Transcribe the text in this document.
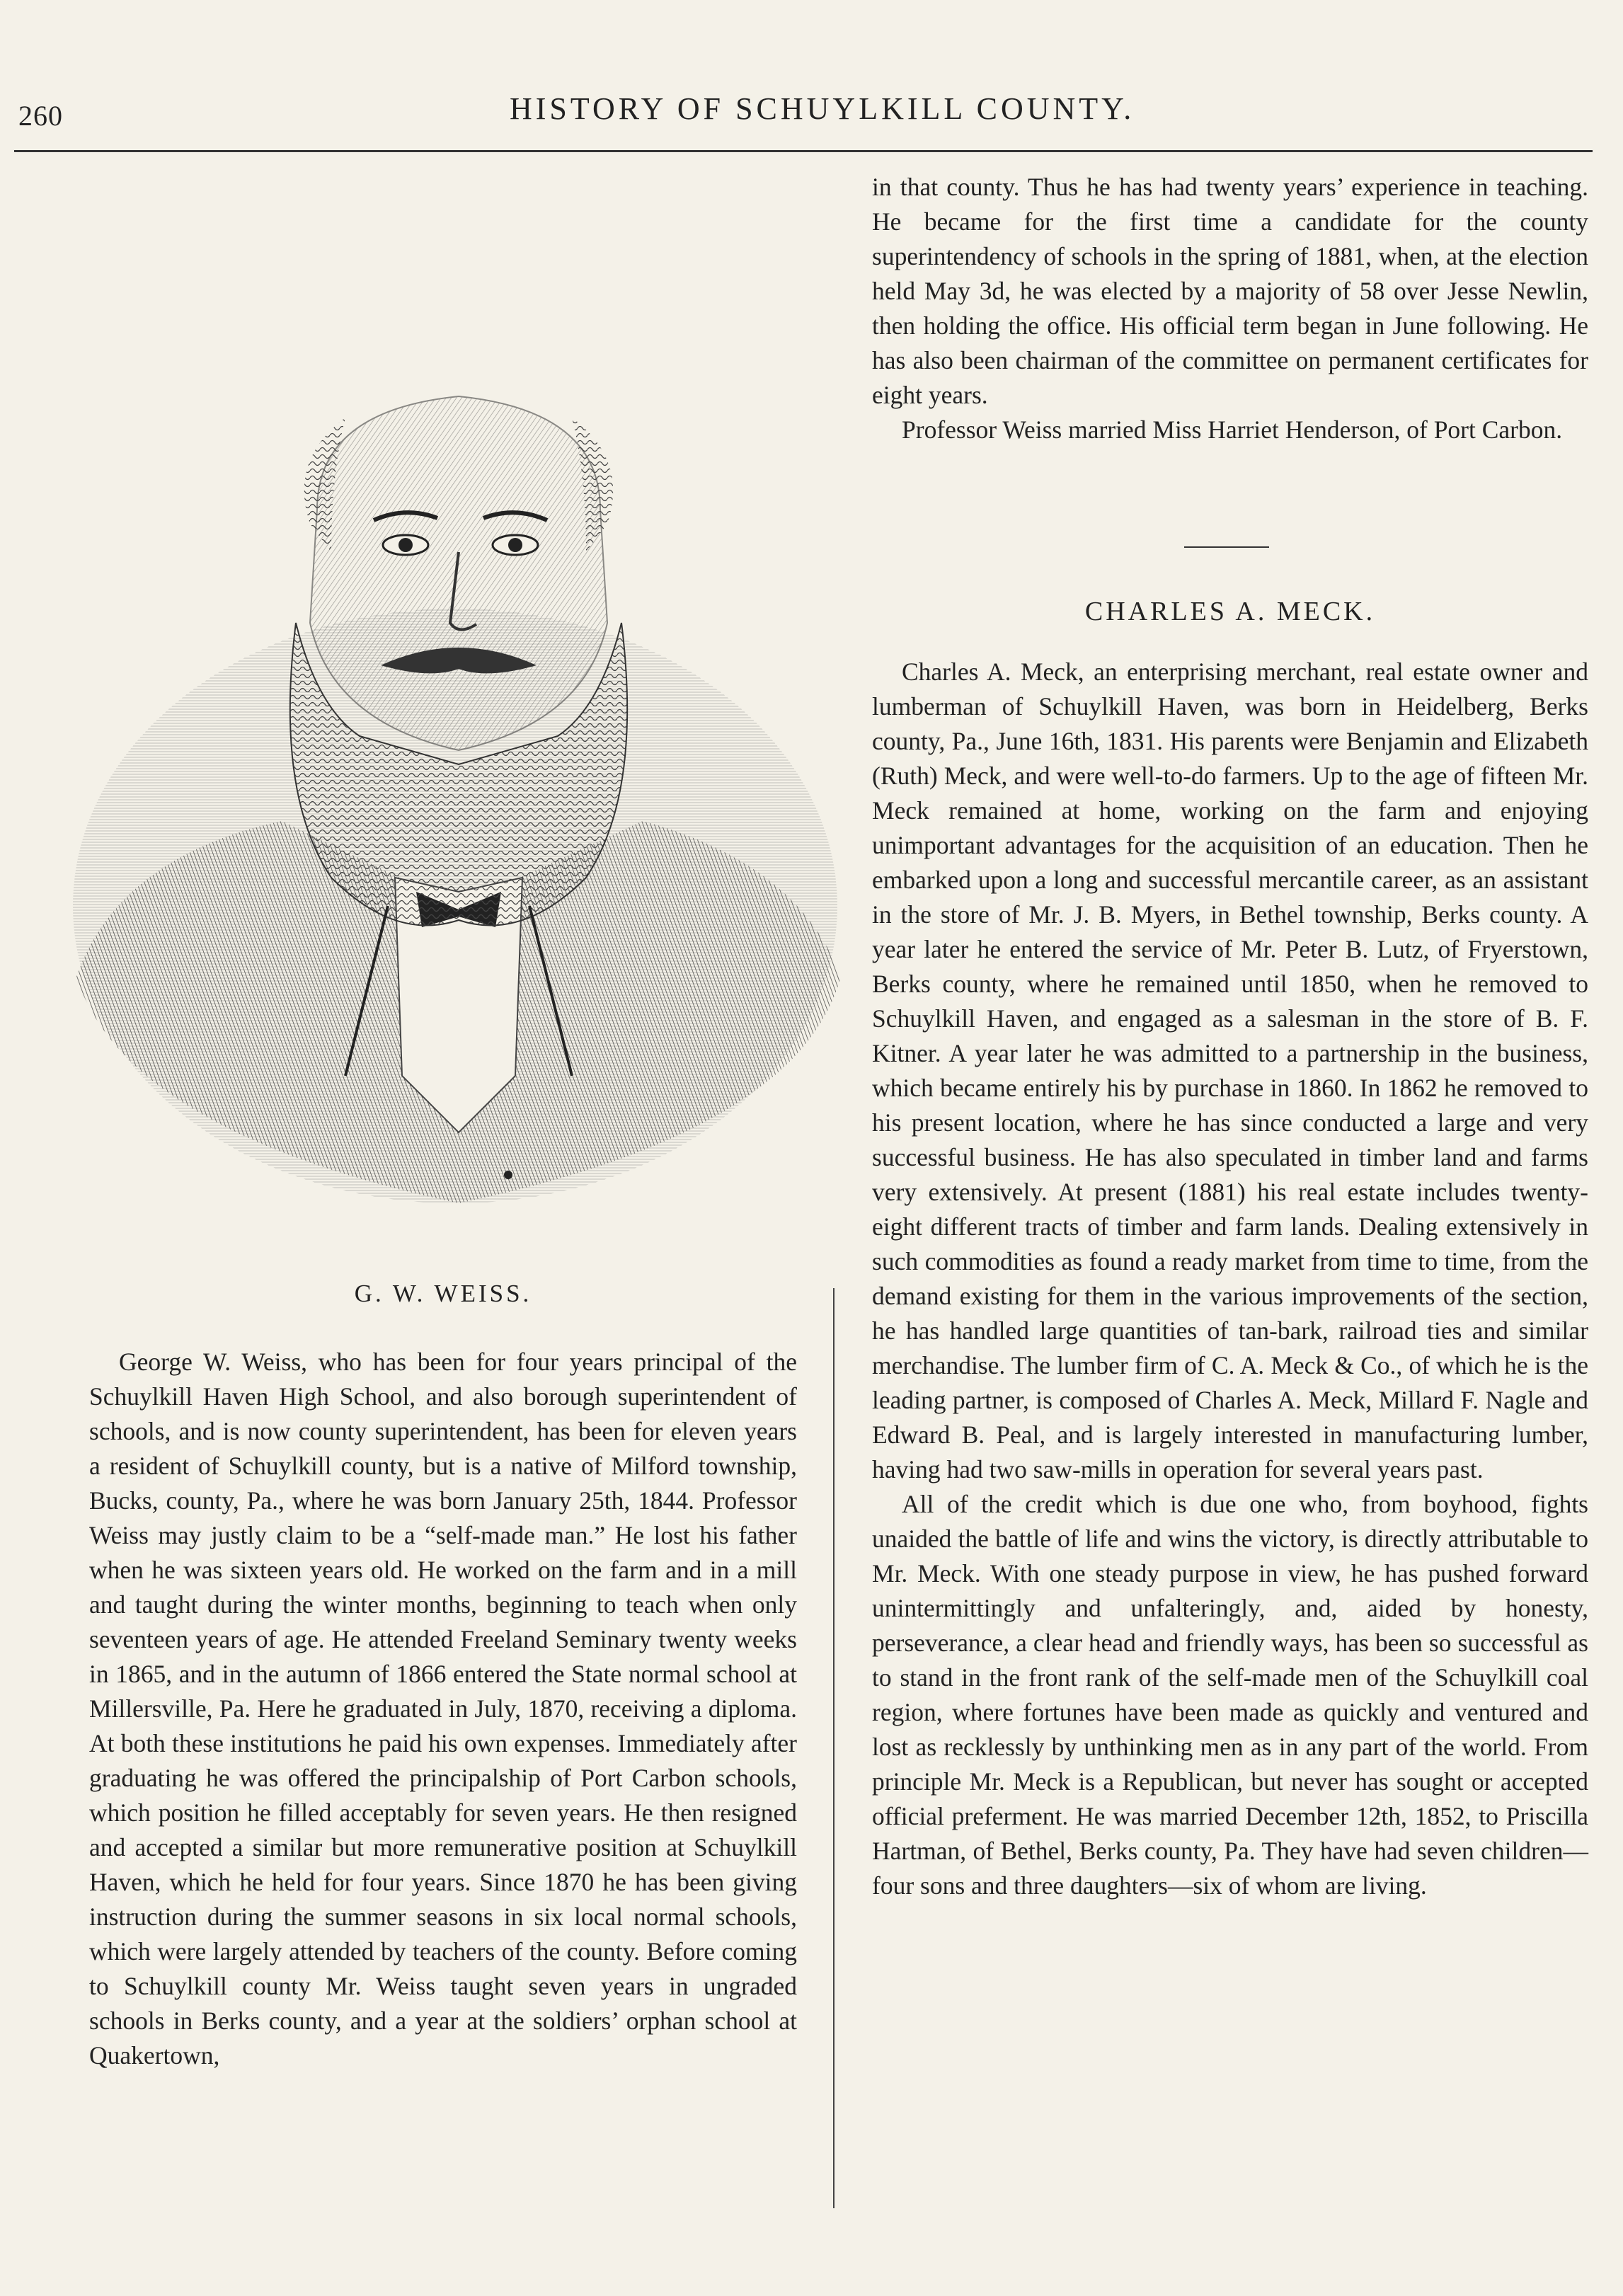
260	HISTORY OF SCHUYLKILL COUNTY.
G. W. WEISS.

George W. Weiss, who has been for four years principal of the Schuylkill Haven High School, and also borough superintendent of schools, and is now county superintendent, has been for eleven years a resident of Schuylkill county, but is a native of Milford township, Bucks, county, Pa., where he was born January 25th, 1844. Professor Weiss may justly claim to be a “self-made man.” He lost his father when he was sixteen years old. He worked on the farm and in a mill and taught during the winter months, beginning to teach when only seventeen years of age. He attended Freeland Seminary twenty weeks in 1865, and in the autumn of 1866 entered the State normal school at Millersville, Pa. Here he graduated in July, 1870, receiving a diploma. At both these institutions he paid his own expenses. Immediately after graduating he was offered the principalship of Port Carbon schools, which position he filled acceptably for seven years. He then resigned and accepted a similar but more remunerative position at Schuylkill Haven, which he held for four years. Since 1870 he has been giving instruction during the summer seasons in six local normal schools, which were largely attended by teachers of the county. Before coming to Schuylkill county Mr. Weiss taught seven years in ungraded schools in Berks county, and a year at the soldiers’ orphan school at Quakertown,

in that county. Thus he has had twenty years’ experience in teaching. He became for the first time a candidate for the county superintendency of schools in the spring of 1881, when, at the election held May 3d, he was elected by a majority of 58 over Jesse Newlin, then holding the office. His official term began in June following. He has also been chairman of the committee on permanent certificates for eight years.

Professor Weiss married Miss Harriet Henderson, of Port Carbon.

CHARLES A. MECK.

Charles A. Meck, an enterprising merchant, real estate owner and lumberman of Schuylkill Haven, was born in Heidelberg, Berks county, Pa., June 16th, 1831. His parents were Benjamin and Elizabeth (Ruth) Meck, and were well-to-do farmers. Up to the age of fifteen Mr. Meck remained at home, working on the farm and enjoying unimportant advantages for the acquisition of an education. Then he embarked upon a long and successful mercantile career, as an assistant in the store of Mr. J. B. Myers, in Bethel township, Berks county. A year later he entered the service of Mr. Peter B. Lutz, of Fryerstown, Berks county, where he remained until 1850, when he removed to Schuylkill Haven, and engaged as a salesman in the store of B. F. Kitner. A year later he was admitted to a partnership in the business, which became entirely his by purchase in 1860. In 1862 he removed to his present location, where he has since conducted a large and very successful business. He has also speculated in timber land and farms very extensively. At present (1881) his real estate includes twenty-eight different tracts of timber and farm lands. Dealing extensively in such commodities as found a ready market from time to time, from the demand existing for them in the various improvements of the section, he has handled large quantities of tan-bark, railroad ties and similar merchandise. The lumber firm of C. A. Meck & Co., of which he is the leading partner, is composed of Charles A. Meck, Millard F. Nagle and Edward B. Peal, and is largely interested in manufacturing lumber, having had two saw-mills in operation for several years past.

All of the credit which is due one who, from boyhood, fights unaided the battle of life and wins the victory, is directly attributable to Mr. Meck. With one steady purpose in view, he has pushed forward unintermittingly and unfalteringly, and, aided by honesty, perseverance, a clear head and friendly ways, has been so successful as to stand in the front rank of the self-made men of the Schuylkill coal region, where fortunes have been made as quickly and ventured and lost as recklessly by unthinking men as in any part of the world. From principle Mr. Meck is a Republican, but never has sought or accepted official preferment. He was married December 12th, 1852, to Priscilla Hartman, of Bethel, Berks county, Pa. They have had seven children—four sons and three daughters—six of whom are living.
